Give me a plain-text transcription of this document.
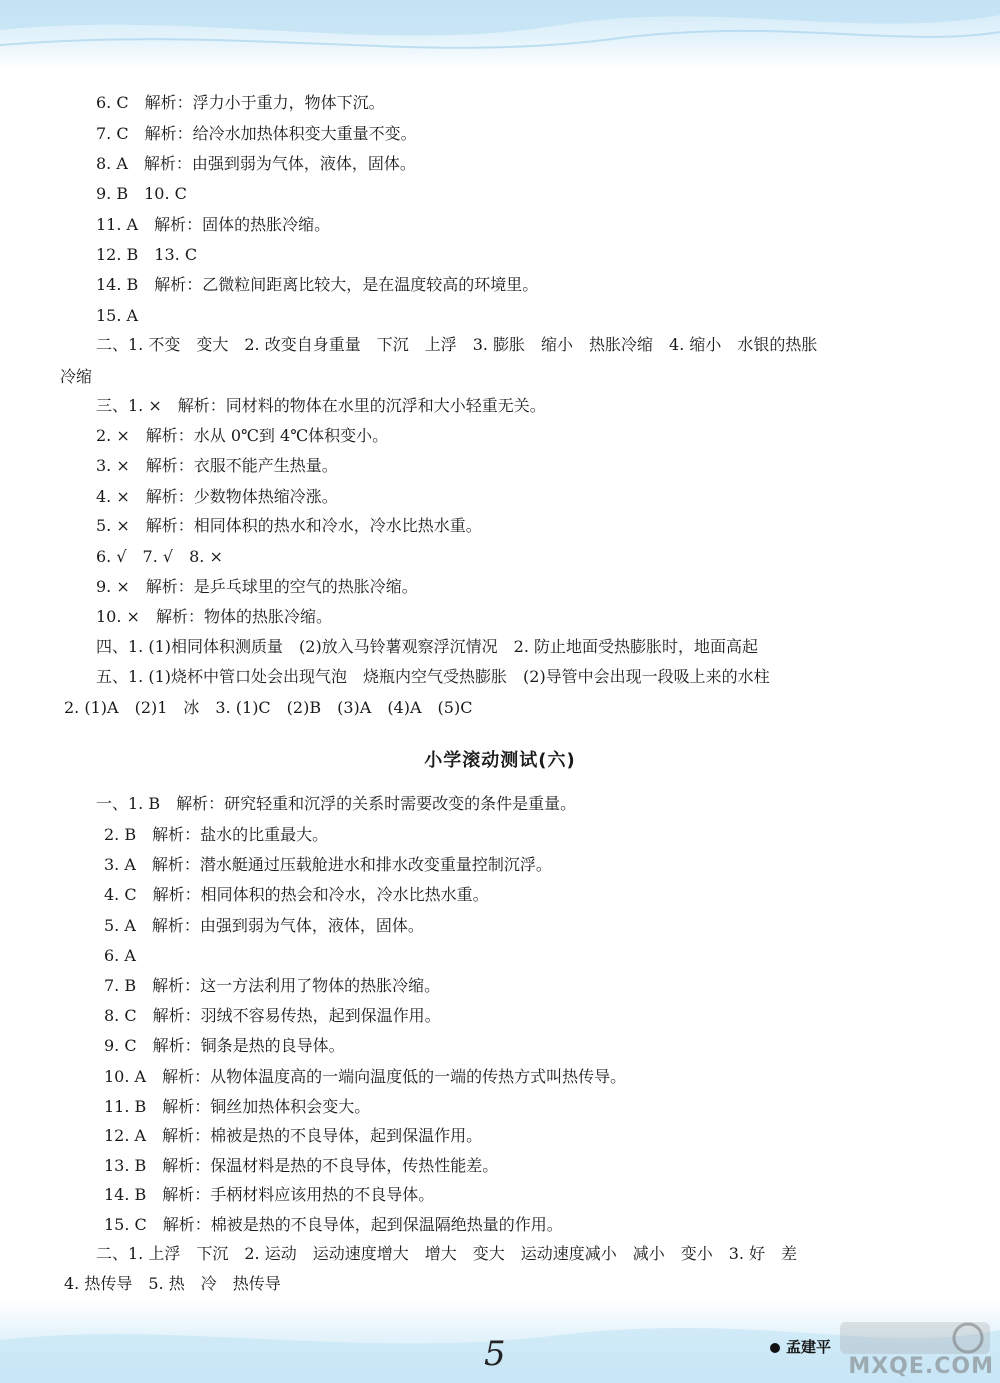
6. C　解析：浮力小于重力，物体下沉。
7. C　解析：给冷水加热体积变大重量不变。
8. A　解析：由强到弱为气体，液体，固体。
9. B　10. C
11. A　解析：固体的热胀冷缩。
12. B　13. C
14. B　解析：乙微粒间距离比较大，是在温度较高的环境里。
15. A
二、1. 不变　变大　2. 改变自身重量　下沉　上浮　3. 膨胀　缩小　热胀冷缩　4. 缩小　水银的热胀
冷缩
三、1. ×　解析：同材料的物体在水里的沉浮和大小轻重无关。
2. ×　解析：水从 0℃到 4℃体积变小。
3. ×　解析：衣服不能产生热量。
4. ×　解析：少数物体热缩冷涨。
5. ×　解析：相同体积的热水和冷水，冷水比热水重。
6. √　7. √　8. ×
9. ×　解析：是乒乓球里的空气的热胀冷缩。
10. ×　解析：物体的热胀冷缩。
四、1. (1)相同体积测质量　(2)放入马铃薯观察浮沉情况　2. 防止地面受热膨胀时，地面高起
五、1. (1)烧杯中管口处会出现气泡　烧瓶内空气受热膨胀　(2)导管中会出现一段吸上来的水柱
2. (1)A　(2)1　冰　3. (1)C　(2)B　(3)A　(4)A　(5)C
小学滚动测试(六)
一、1. B　解析：研究轻重和沉浮的关系时需要改变的条件是重量。
2. B　解析：盐水的比重最大。
3. A　解析：潜水艇通过压载舱进水和排水改变重量控制沉浮。
4. C　解析：相同体积的热会和冷水，冷水比热水重。
5. A　解析：由强到弱为气体，液体，固体。
6. A
7. B　解析：这一方法利用了物体的热胀冷缩。
8. C　解析：羽绒不容易传热，起到保温作用。
9. C　解析：铜条是热的良导体。
10. A　解析：从物体温度高的一端向温度低的一端的传热方式叫热传导。
11. B　解析：铜丝加热体积会变大。
12. A　解析：棉被是热的不良导体，起到保温作用。
13. B　解析：保温材料是热的不良导体，传热性能差。
14. B　解析：手柄材料应该用热的不良导体。
15. C　解析：棉被是热的不良导体，起到保温隔绝热量的作用。
二、1. 上浮　下沉　2. 运动　运动速度增大　增大　变大　运动速度减小　减小　变小　3. 好　差
4. 热传导　5. 热　冷　热传导
5	孟建平
MXQE.COM
